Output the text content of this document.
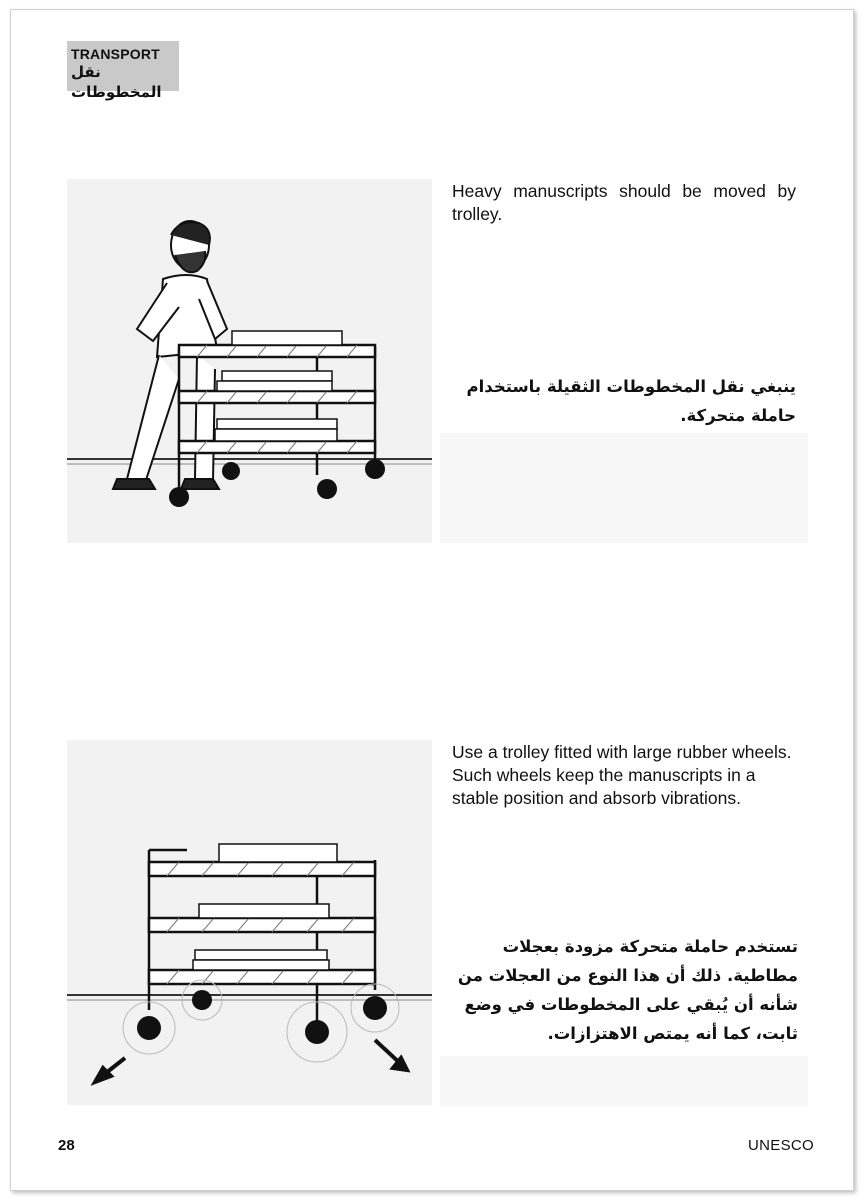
TRANSPORT
نقل المخطوطات
Heavy manuscripts should be moved by trolley.
ينبغي نقل المخطوطات الثقيلة باستخدام حاملة متحركة.
Use a trolley fitted with large rubber wheels. Such wheels keep the manuscripts in a stable position and absorb vibrations.
تستخدم حاملة متحركة مزودة بعجلات مطاطية. ذلك أن هذا النوع من العجلات من شأنه أن يُبقي على المخطوطات في وضع ثابت، كما أنه يمتص الاهتزازات.
28	UNESCO
